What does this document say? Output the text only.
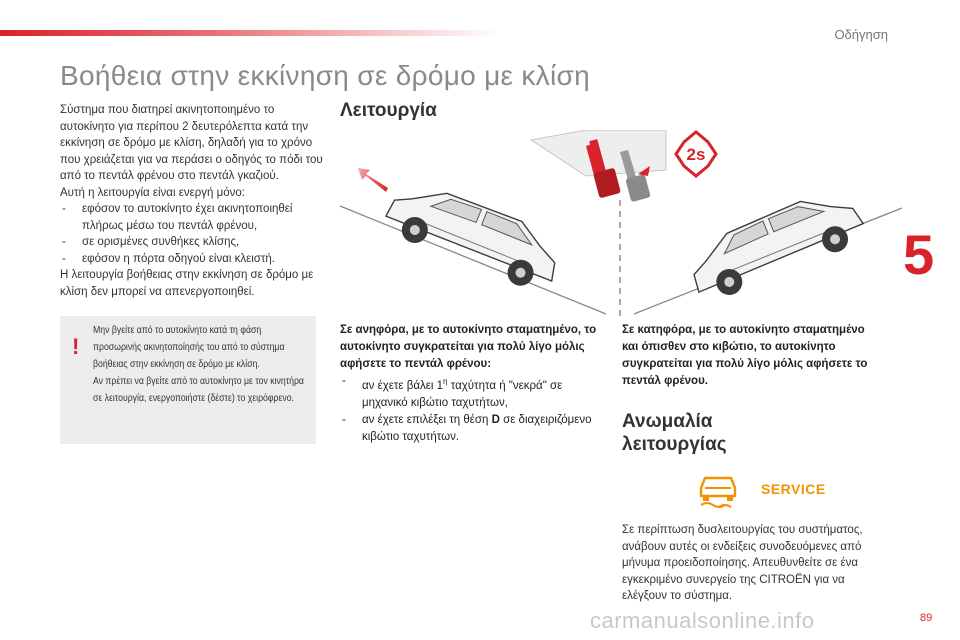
Οδήγηση
Βοήθεια στην εκκίνηση σε δρόμο με κλίση

Σύστημα που διατηρεί ακινητοποιημένο το αυτοκίνητο για περίπου 2 δευτερόλεπτα κατά την εκκίνηση σε δρόμο με κλίση, δηλαδή για το χρόνο που χρειάζεται για να περάσει ο οδηγός το πόδι του από το πεντάλ φρένου στο πεντάλ γκαζιού.

Αυτή η λειτουργία είναι ενεργή μόνο:

- εφόσον το αυτοκίνητο έχει ακινητοποιηθεί πλήρως μέσω του πεντάλ φρένου,
- σε ορισμένες συνθήκες κλίσης,
- εφόσον η πόρτα οδηγού είναι κλειστή.

Η λειτουργία βοήθειας στην εκκίνηση σε δρόμο με κλίση δεν μπορεί να απενεργοποιηθεί.

!

Μην βγείτε από το αυτοκίνητο κατά τη φάση προσωρινής ακινητοποίησής του από το σύστημα βοήθειας στην εκκίνηση σε δρόμο με κλίση.

Αν πρέπει να βγείτε από το αυτοκίνητο με τον κινητήρα σε λειτουργία, ενεργοποιήστε (δέστε) το χειρόφρενο.

Λειτουργία
2s

Σε ανηφόρα, με το αυτοκίνητο σταματημένο, το αυτοκίνητο συγκρατείται για πολύ λίγο μόλις αφήσετε το πεντάλ φρένου:

- αν έχετε βάλει $1^\eta$ ταχύτητα ή "νεκρά" σε μηχανικό κιβώτιο ταχυτήτων,
- αν έχετε επιλέξει τη θέση D σε διαχειριζόμενο κιβώτιο ταχυτήτων.
Σε κατηφόρα, με το αυτοκίνητο σταματημένο και όπισθεν στο κιβώτιο, το αυτοκίνητο συγκρατείται για πολύ λίγο μόλις αφήσετε το πεντάλ φρένου.
Ανωμαλία
λειτουργίας
SERVICE
Σε περίπτωση δυσλειτουργίας του συστήματος, ανάβουν αυτές οι ενδείξεις συνοδευόμενες από μήνυμα προειδοποίησης. Απευθυνθείτε σε ένα εγκεκριμένο συνεργείο της CITROËN για να ελέγξουν το σύστημα.
5
89
carmanualsonline.info
